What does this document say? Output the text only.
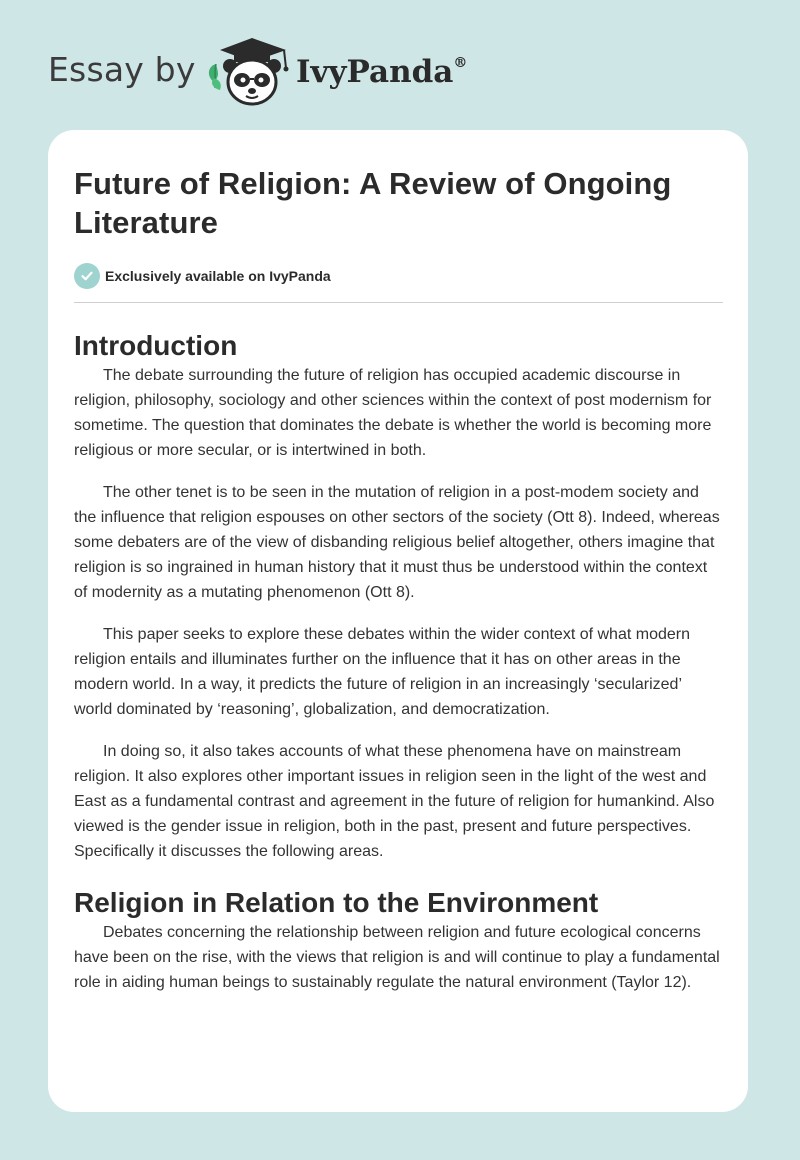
Essay by	IvyPanda®
Future of Religion: A Review of Ongoing Literature
Exclusively available on IvyPanda
Introduction

The debate surrounding the future of religion has occupied academic discourse in religion, philosophy, sociology and other sciences within the context of post modernism for sometime. The question that dominates the debate is whether the world is becoming more religious or more secular, or is intertwined in both.

The other tenet is to be seen in the mutation of religion in a post-modem society and the influence that religion espouses on other sectors of the society (Ott 8). Indeed, whereas some debaters are of the view of disbanding religious belief altogether, others imagine that religion is so ingrained in human history that it must thus be understood within the context of modernity as a mutating phenomenon (Ott 8).

This paper seeks to explore these debates within the wider context of what modern religion entails and illuminates further on the influence that it has on other areas in the modern world. In a way, it predicts the future of religion in an increasingly ‘secularized’ world dominated by ‘reasoning’, globalization, and democratization.

In doing so, it also takes accounts of what these phenomena have on mainstream religion. It also explores other important issues in religion seen in the light of the west and East as a fundamental contrast and agreement in the future of religion for humankind. Also viewed is the gender issue in religion, both in the past, present and future perspectives. Specifically it discusses the following areas.

Religion in Relation to the Environment

Debates concerning the relationship between religion and future ecological concerns have been on the rise, with the views that religion is and will continue to play a fundamental role in aiding human beings to sustainably regulate the natural environment (Taylor 12).
